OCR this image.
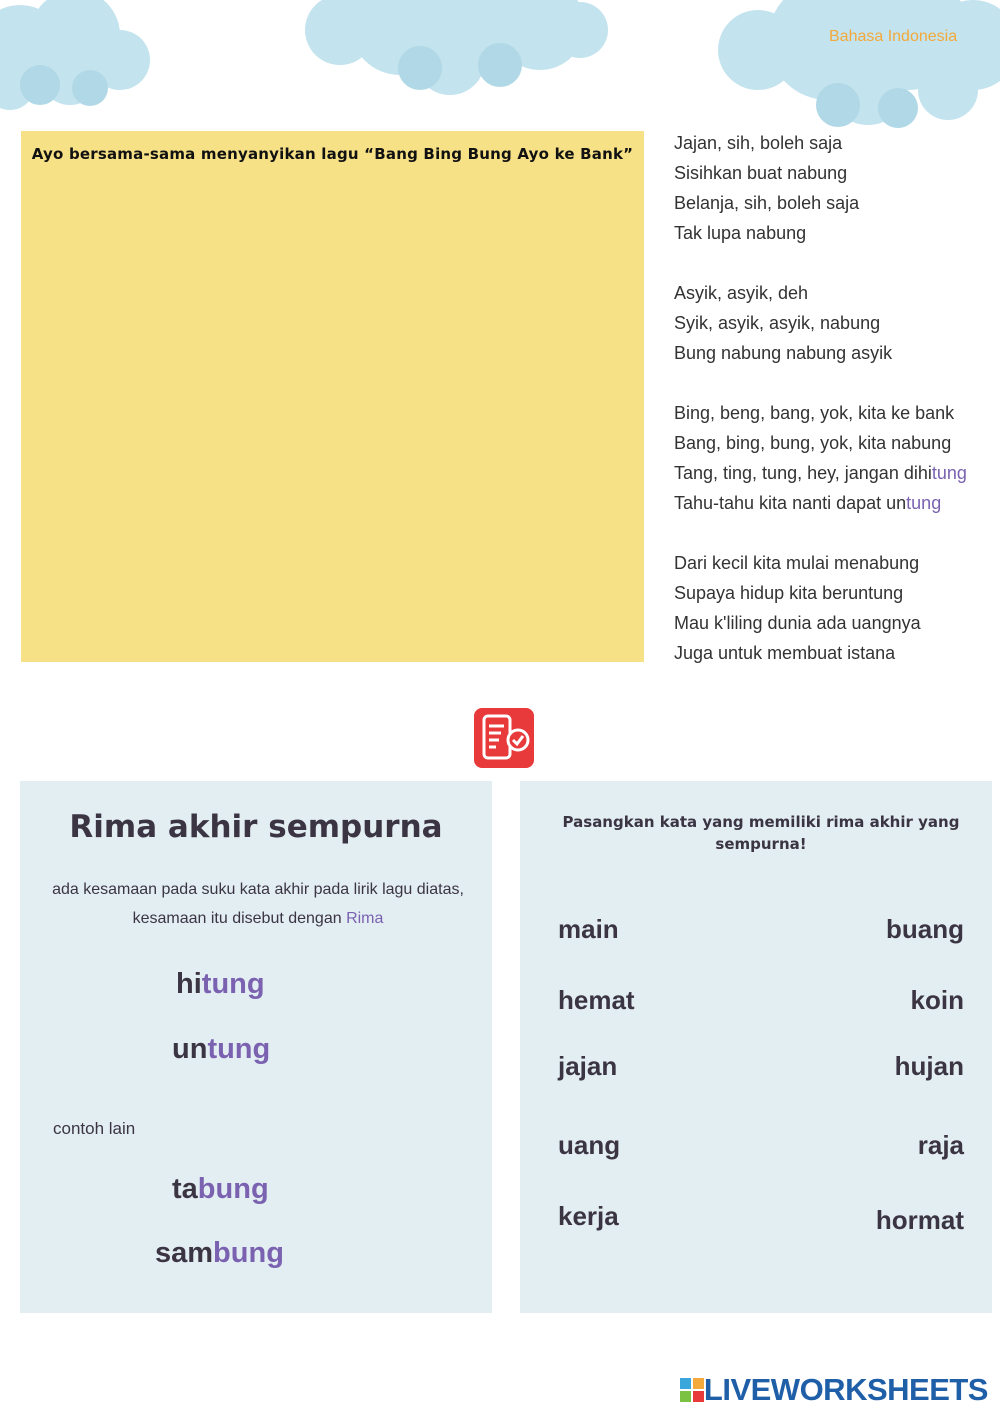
Bahasa Indonesia
Ayo bersama-sama menyanyikan lagu “Bang Bing Bung Ayo ke Bank”
Jajan, sih, boleh saja
Sisihkan buat nabung
Belanja, sih, boleh saja
Tak lupa nabung
Asyik, asyik, deh
Syik, asyik, asyik, nabung
Bung nabung nabung asyik
Bing, beng, bang, yok, kita ke bank
Bang, bing, bung, yok, kita nabung
Tang, ting, tung, hey, jangan dihitung
Tahu-tahu kita nanti dapat untung
Dari kecil kita mulai menabung
Supaya hidup kita beruntung
Mau k'liling dunia ada uangnya
Juga untuk membuat istana
Rima akhir sempurna
ada kesamaan pada suku kata akhir pada lirik lagu diatas, kesamaan itu disebut dengan Rima
hitung
untung
contoh lain
tabung
sambung
Pasangkan kata yang memiliki rima akhir yang sempurna!
main
hemat
jajan
uang
kerja
buang
koin
hujan
raja
hormat
LIVEWORKSHEETS
